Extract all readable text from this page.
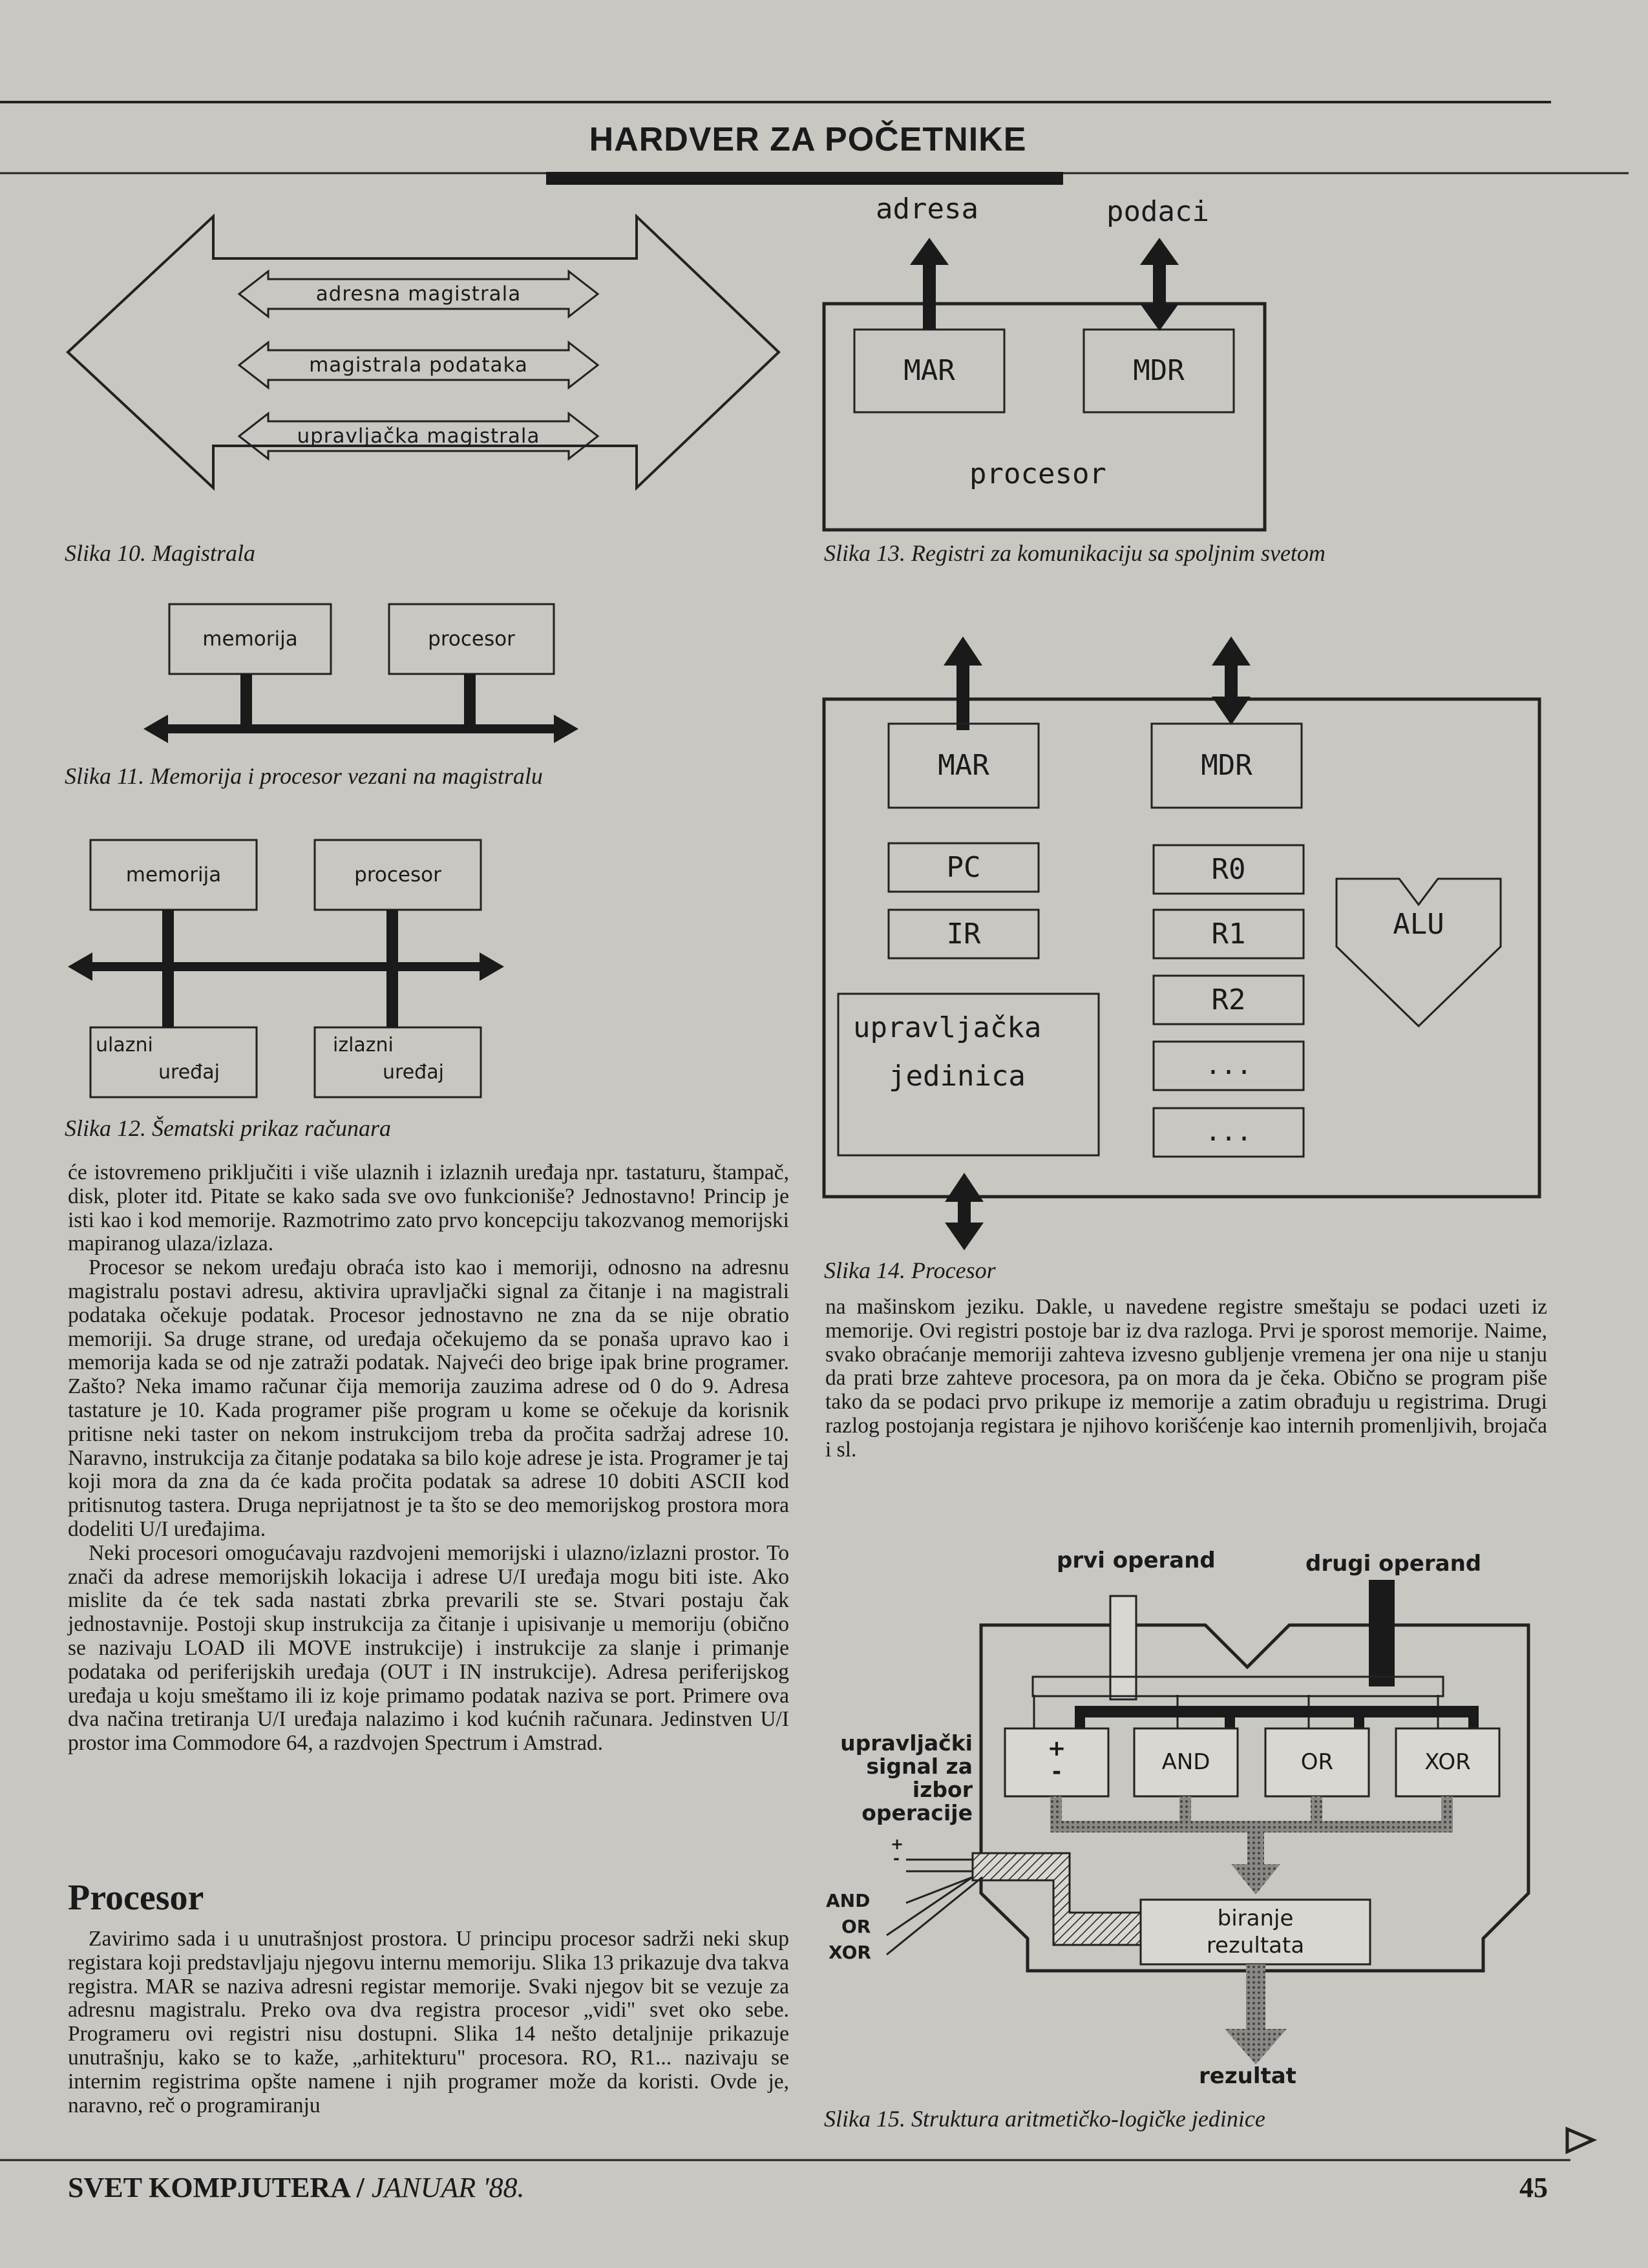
HARDVER ZA POČETNIKE
adresna magistrala
magistrala podataka
upravljačka magistrala
Slika 10. Magistrala
memorija	procesor
Slika 11. Memorija i procesor vezani na magistralu
memorija	procesor
ulazni
uređaj
izlazni
uređaj
Slika 12. Šematski prikaz računara
adresa	podaci
MAR	MDR
procesor
Slika 13. Registri za komunikaciju sa spoljnim svetom
MAR
PC
IR
MDR
R0
R1
R2
...
...
ALU
upravljačka
jedinica
Slika 14. Procesor
prvi operand	drugi operand
upravljački
signal za
izbor
operacije
+
-
AND
OR
XOR
+
-	AND	OR	XOR
biranje
rezultata
rezultat
Slika 15. Struktura aritmetičko-logičke jedinice

će istovremeno priključiti i više ulaznih i izlaznih uređaja npr. tastaturu, štampač, disk, ploter itd. Pitate se kako sada sve ovo funkcioniše? Jednostavno! Princip je isti kao i kod memorije. Razmotrimo zato prvo koncepciju takozvanog memorijski mapiranog ulaza/izlaza.

Procesor se nekom uređaju obraća isto kao i memoriji, odnosno na adresnu magistralu postavi adresu, aktivira upravljački signal za čitanje i na magistrali podataka očekuje podatak. Procesor jednostavno ne zna da se nije obratio memoriji. Sa druge strane, od uređaja očekujemo da se ponaša upravo kao i memorija kada se od nje zatraži podatak. Najveći deo brige ipak brine programer. Zašto? Neka imamo računar čija memorija zauzima adrese od 0 do 9. Adresa tastature je 10. Kada programer piše program u kome se očekuje da korisnik pritisne neki taster on nekom instrukcijom treba da pročita sadržaj adrese 10. Naravno, instrukcija za čitanje podataka sa bilo koje adrese je ista. Programer je taj koji mora da zna da će kada pročita podatak sa adrese 10 dobiti ASCII kod pritisnutog tastera. Druga neprijatnost je ta što se deo memorijskog prostora mora dodeliti U/I uređajima.

Neki procesori omogućavaju razdvojeni memorijski i ulazno/izlazni prostor. To znači da adrese memorijskih lokacija i adrese U/I uređaja mogu biti iste. Ako mislite da će tek sada nastati zbrka prevarili ste se. Stvari postaju čak jednostavnije. Postoji skup instrukcija za čitanje i upisivanje u memoriju (obično se nazivaju LOAD ili MOVE instrukcije) i instrukcije za slanje i primanje podataka od periferijskih uređaja (OUT i IN instrukcije). Adresa periferijskog uređaja u koju smeštamo ili iz koje primamo podatak naziva se port. Primere ova dva načina tretiranja U/I uređaja nalazimo i kod kućnih računara. Jedinstven U/I prostor ima Commodore 64, a razdvojen Spectrum i Amstrad.

Procesor

Zavirimo sada i u unutrašnjost prostora. U principu procesor sadrži neki skup registara koji predstavljaju njegovu internu memoriju. Slika 13 prikazuje dva takva registra. MAR se naziva adresni registar memorije. Svaki njegov bit se vezuje za adresnu magistralu. Preko ova dva registra procesor „vidi" svet oko sebe. Programeru ovi registri nisu dostupni. Slika 14 nešto detaljnije prikazuje unutrašnju, kako se to kaže, „arhitekturu" procesora. RO, R1... nazivaju se internim registrima opšte namene i njih programer može da koristi. Ovde je, naravno, reč o programiranju

na mašinskom jeziku. Dakle, u navedene registre smeštaju se podaci uzeti iz memorije. Ovi registri postoje bar iz dva razloga. Prvi je sporost memorije. Naime, svako obraćanje memoriji zahteva izvesno gubljenje vremena jer ona nije u stanju da prati brze zahteve procesora, pa on mora da je čeka. Obično se program piše tako da se podaci prvo prikupe iz memorije a zatim obrađuju u registrima. Drugi razlog postojanja registara je njihovo korišćenje kao internih promenljivih, brojača i sl.

SVET KOMPJUTERA / JANUAR '88.	45
